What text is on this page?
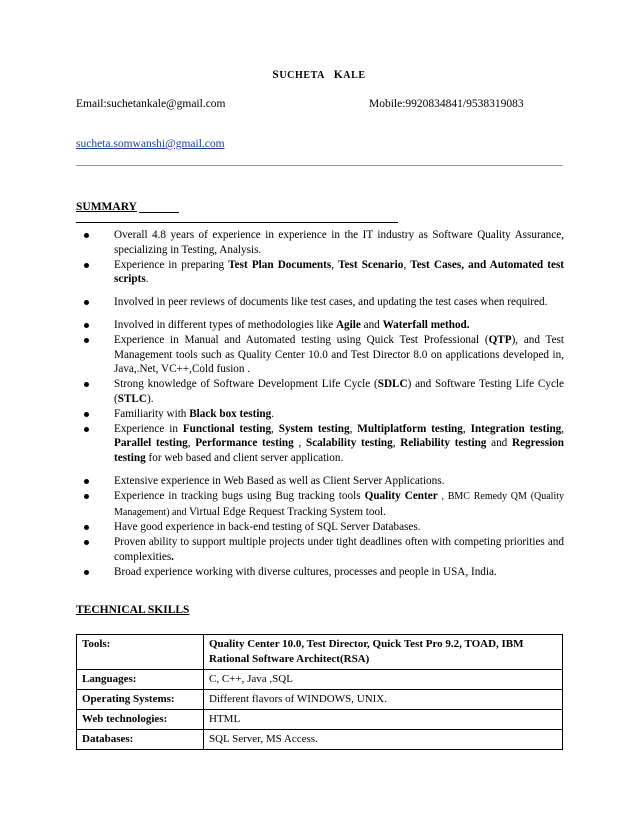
SUCHETA KALE
Email:suchetankale@gmail.com	Mobile:9920834841/9538319083
sucheta.somwanshi@gmail.com
SUMMARY
Overall 4.8 years of experience in experience in the IT industry as Software Quality Assurance, specializing in Testing, Analysis.
Experience in preparing Test Plan Documents, Test Scenario, Test Cases, and Automated test scripts.
Involved in peer reviews of documents like test cases, and updating the test cases when required.
Involved in different types of methodologies like Agile and Waterfall method.
Experience in Manual and Automated testing using Quick Test Professional (QTP), and Test Management tools such as Quality Center 10.0 and Test Director 8.0 on applications developed in, Java,.Net, VC++,Cold fusion .
Strong knowledge of Software Development Life Cycle (SDLC) and Software Testing Life Cycle (STLC).
Familiarity with Black box testing.
Experience in Functional testing, System testing, Multiplatform testing, Integration testing, Parallel testing, Performance testing , Scalability testing, Reliability testing and Regression testing for web based and client server application.
Extensive experience in Web Based as well as Client Server Applications.
Experience in tracking bugs using Bug tracking tools Quality Center , BMC Remedy QM (Quality Management) and Virtual Edge Request Tracking System tool.
Have good experience in back-end testing of SQL Server Databases.
Proven ability to support multiple projects under tight deadlines often with competing priorities and complexities.
Broad experience working with diverse cultures, processes and people in USA, India.
TECHNICAL SKILLS
Tools:	Quality Center 10.0, Test Director, Quick Test Pro 9.2, TOAD, IBM Rational Software Architect(RSA)
Languages:	C, C++, Java ,SQL
Operating Systems:	Different flavors of WINDOWS, UNIX.
Web technologies:	HTML
Databases:	SQL Server, MS Access.
